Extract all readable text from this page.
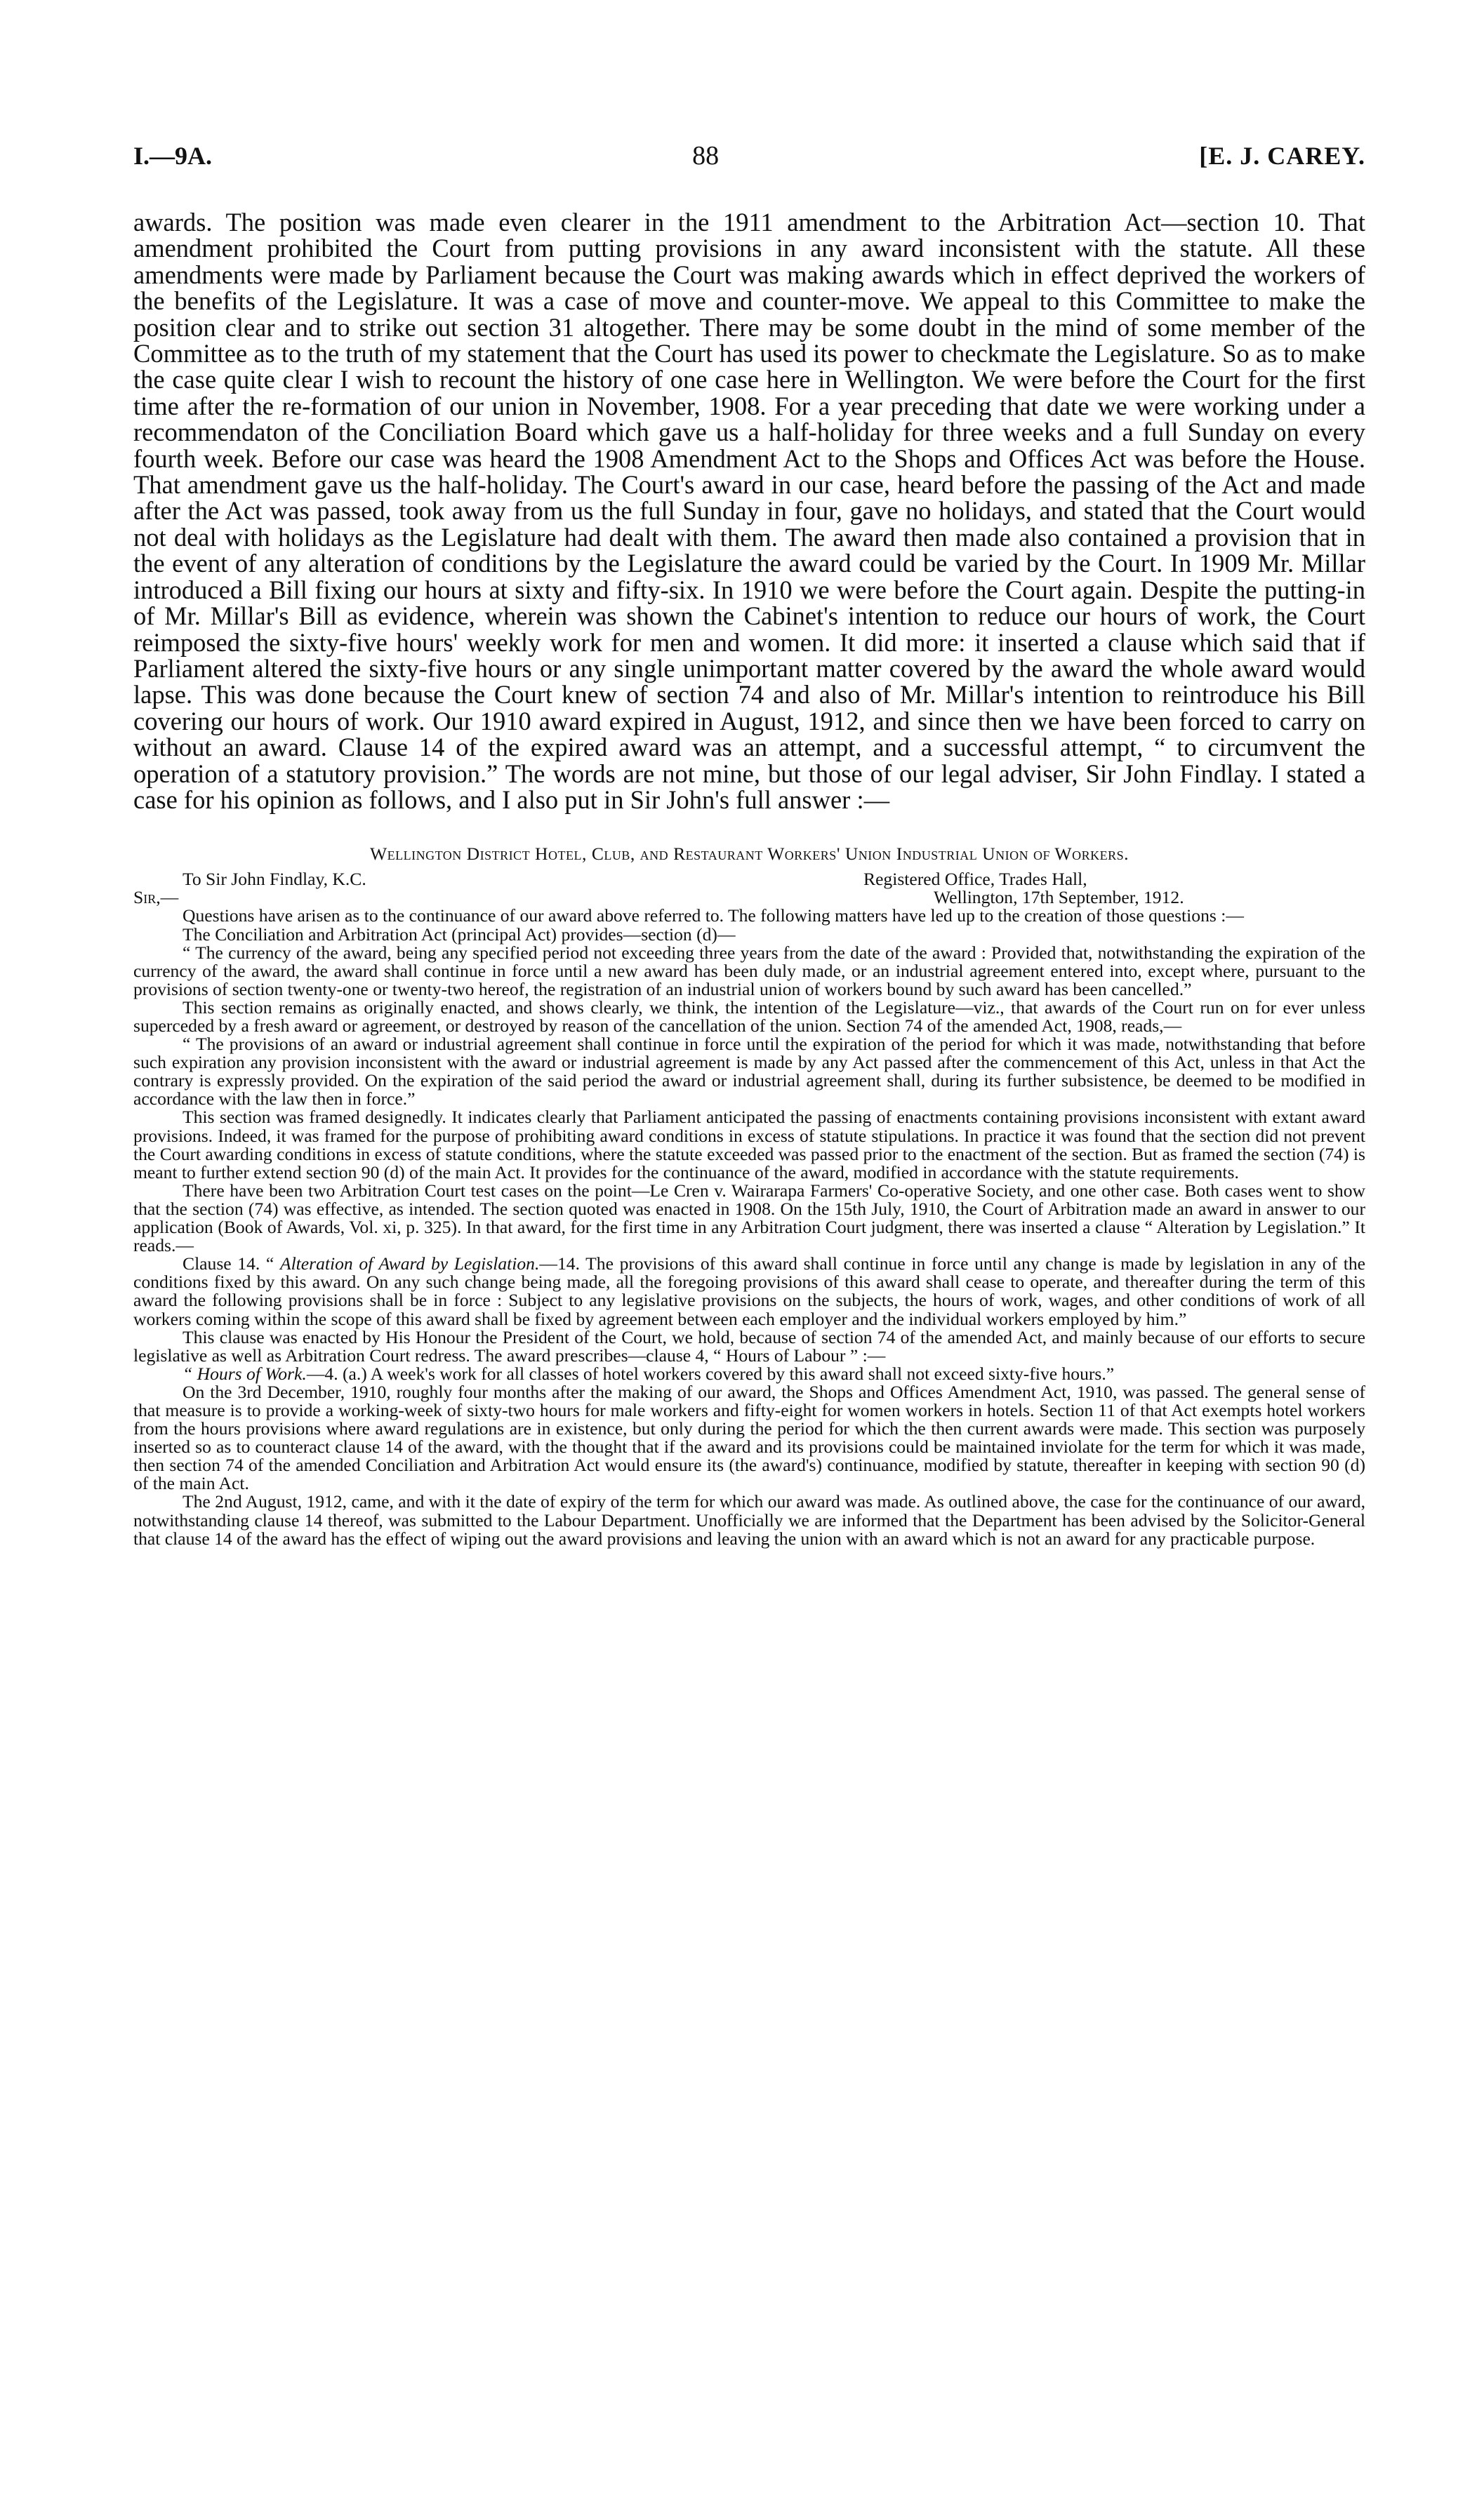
I.—9A.	88	[E. J. CAREY.

awards. The position was made even clearer in the 1911 amendment to the Arbitration Act—section 10. That amendment prohibited the Court from putting provisions in any award inconsistent with the statute. All these amendments were made by Parliament because the Court was making awards which in effect deprived the workers of the benefits of the Legislature. It was a case of move and counter-move. We appeal to this Committee to make the position clear and to strike out section 31 altogether. There may be some doubt in the mind of some member of the Committee as to the truth of my statement that the Court has used its power to checkmate the Legislature. So as to make the case quite clear I wish to recount the history of one case here in Wellington. We were before the Court for the first time after the re-formation of our union in November, 1908. For a year preceding that date we were working under a recommendaton of the Conciliation Board which gave us a half-holiday for three weeks and a full Sunday on every fourth week. Before our case was heard the 1908 Amendment Act to the Shops and Offices Act was before the House. That amendment gave us the half-holiday. The Court's award in our case, heard before the passing of the Act and made after the Act was passed, took away from us the full Sunday in four, gave no holidays, and stated that the Court would not deal with holidays as the Legislature had dealt with them. The award then made also contained a provision that in the event of any alteration of conditions by the Legislature the award could be varied by the Court. In 1909 Mr. Millar introduced a Bill fixing our hours at sixty and fifty-six. In 1910 we were before the Court again. Despite the putting-in of Mr. Millar's Bill as evidence, wherein was shown the Cabinet's intention to reduce our hours of work, the Court reimposed the sixty-five hours' weekly work for men and women. It did more: it inserted a clause which said that if Parliament altered the sixty-five hours or any single unimportant matter covered by the award the whole award would lapse. This was done because the Court knew of section 74 and also of Mr. Millar's intention to reintroduce his Bill covering our hours of work. Our 1910 award expired in August, 1912, and since then we have been forced to carry on without an award. Clause 14 of the expired award was an attempt, and a successful attempt, “ to circumvent the operation of a statutory provision.” The words are not mine, but those of our legal adviser, Sir John Findlay. I stated a case for his opinion as follows, and I also put in Sir John's full answer :—

Wellington District Hotel, Club, and Restaurant Workers' Union Industrial Union of Workers.

To Sir John Findlay, K.C.	Registered Office, Trades Hall,
Sir,—	Wellington, 17th September, 1912.

Questions have arisen as to the continuance of our award above referred to. The following matters have led up to the creation of those questions :—

The Conciliation and Arbitration Act (principal Act) provides—section (d)—

“ The currency of the award, being any specified period not exceeding three years from the date of the award : Provided that, notwithstanding the expiration of the currency of the award, the award shall continue in force until a new award has been duly made, or an industrial agreement entered into, except where, pursuant to the provisions of section twenty-one or twenty-two hereof, the registration of an industrial union of workers bound by such award has been cancelled.”

This section remains as originally enacted, and shows clearly, we think, the intention of the Legislature—viz., that awards of the Court run on for ever unless superceded by a fresh award or agreement, or destroyed by reason of the cancellation of the union. Section 74 of the amended Act, 1908, reads,—

“ The provisions of an award or industrial agreement shall continue in force until the expiration of the period for which it was made, notwithstanding that before such expiration any provision inconsistent with the award or industrial agreement is made by any Act passed after the commencement of this Act, unless in that Act the contrary is expressly provided. On the expiration of the said period the award or industrial agreement shall, during its further subsistence, be deemed to be modified in accordance with the law then in force.”

This section was framed designedly. It indicates clearly that Parliament anticipated the passing of enactments containing provisions inconsistent with extant award provisions. Indeed, it was framed for the purpose of prohibiting award conditions in excess of statute stipulations. In practice it was found that the section did not prevent the Court awarding conditions in excess of statute conditions, where the statute exceeded was passed prior to the enactment of the section. But as framed the section (74) is meant to further extend section 90 (d) of the main Act. It provides for the continuance of the award, modified in accordance with the statute requirements.

There have been two Arbitration Court test cases on the point—Le Cren v. Wairarapa Farmers' Co-operative Society, and one other case. Both cases went to show that the section (74) was effective, as intended. The section quoted was enacted in 1908. On the 15th July, 1910, the Court of Arbitration made an award in answer to our application (Book of Awards, Vol. xi, p. 325). In that award, for the first time in any Arbitration Court judgment, there was inserted a clause “ Alteration by Legislation.” It reads.—

Clause 14. “ Alteration of Award by Legislation.—14. The provisions of this award shall continue in force until any change is made by legislation in any of the conditions fixed by this award. On any such change being made, all the foregoing provisions of this award shall cease to operate, and thereafter during the term of this award the following provisions shall be in force : Subject to any legislative provisions on the subjects, the hours of work, wages, and other conditions of work of all workers coming within the scope of this award shall be fixed by agreement between each employer and the individual workers employed by him.”

This clause was enacted by His Honour the President of the Court, we hold, because of section 74 of the amended Act, and mainly because of our efforts to secure legislative as well as Arbitration Court redress. The award prescribes—clause 4, “ Hours of Labour ” :—

“ Hours of Work.—4. (a.) A week's work for all classes of hotel workers covered by this award shall not exceed sixty-five hours.”

On the 3rd December, 1910, roughly four months after the making of our award, the Shops and Offices Amendment Act, 1910, was passed. The general sense of that measure is to provide a working-week of sixty-two hours for male workers and fifty-eight for women workers in hotels. Section 11 of that Act exempts hotel workers from the hours provisions where award regulations are in existence, but only during the period for which the then current awards were made. This section was purposely inserted so as to counteract clause 14 of the award, with the thought that if the award and its provisions could be maintained inviolate for the term for which it was made, then section 74 of the amended Conciliation and Arbitration Act would ensure its (the award's) continuance, modified by statute, thereafter in keeping with section 90 (d) of the main Act.

The 2nd August, 1912, came, and with it the date of expiry of the term for which our award was made. As outlined above, the case for the continuance of our award, notwithstanding clause 14 thereof, was submitted to the Labour Department. Unofficially we are informed that the Department has been advised by the Solicitor-General that clause 14 of the award has the effect of wiping out the award provisions and leaving the union with an award which is not an award for any practicable purpose.
